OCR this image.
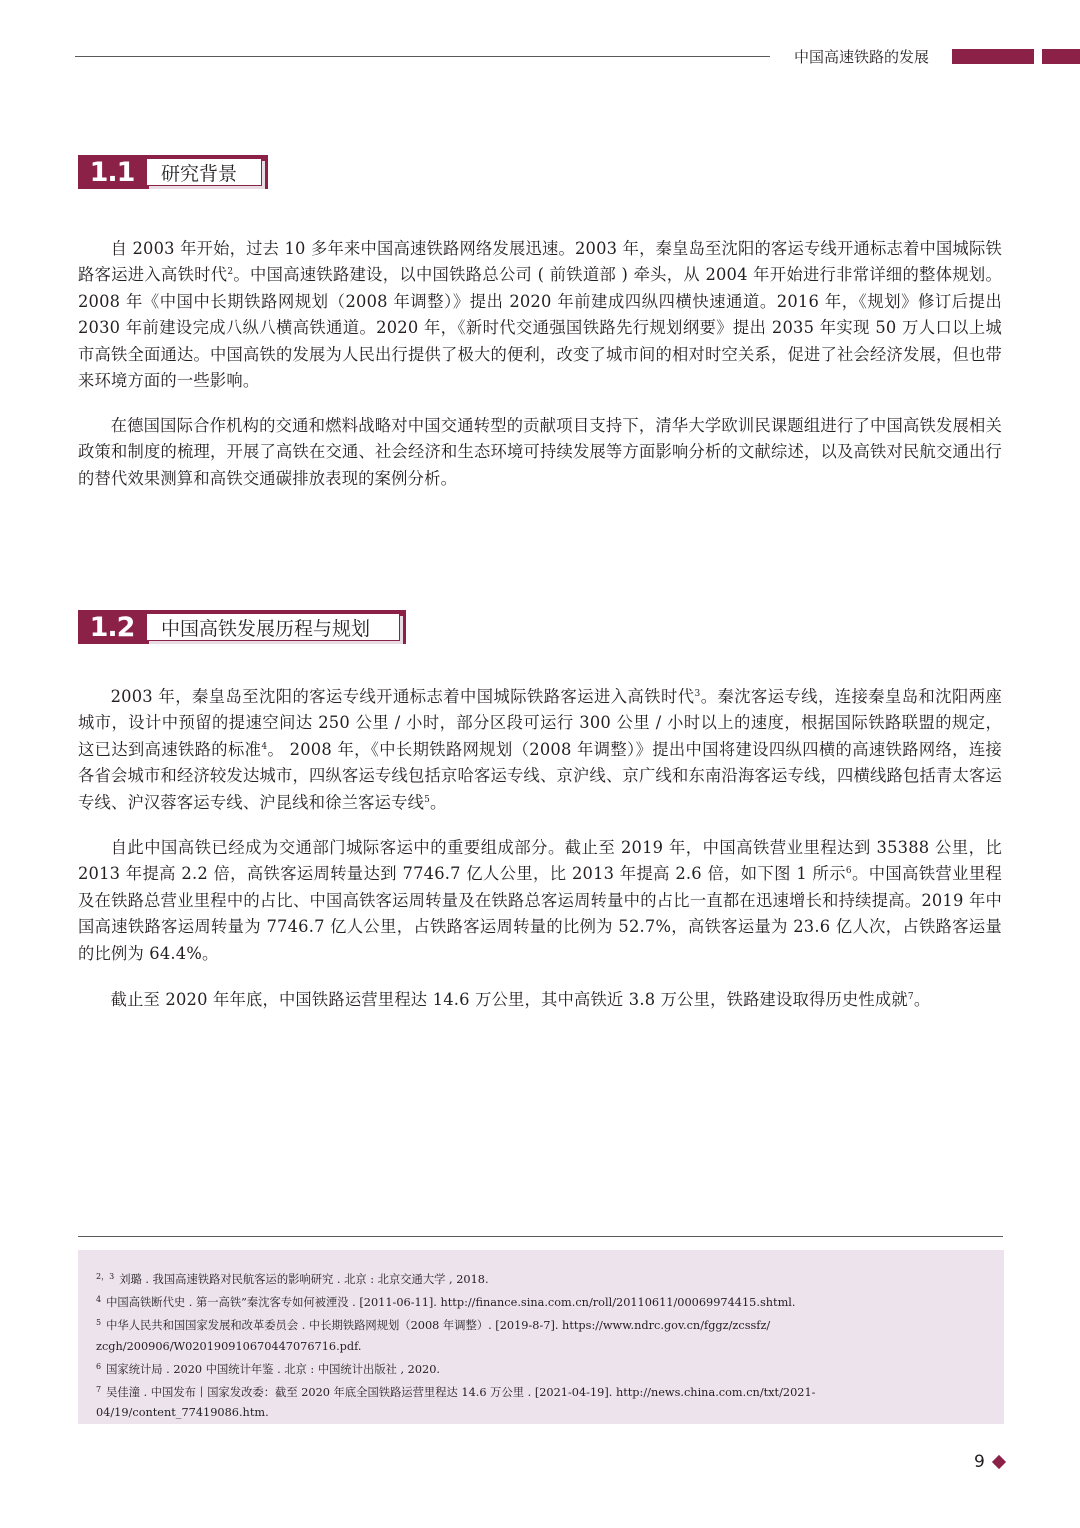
中国高速铁路的发展
1.1	研究背景

自 2003 年开始，过去 10 多年来中国高速铁路网络发展迅速。2003 年，秦皇岛至沈阳的客运专线开通标志着中国城际铁路客运进入高铁时代$^2$。中国高速铁路建设，以中国铁路总公司 ( 前铁道部 ) 牵头，从 2004 年开始进行非常详细的整体规划。2008 年《中国中长期铁路网规划（2008 年调整）》提出 2020 年前建成四纵四横快速通道。2016 年，《规划》修订后提出 2030 年前建设完成八纵八横高铁通道。2020 年，《新时代交通强国铁路先行规划纲要》提出 2035 年实现 50 万人口以上城市高铁全面通达。中国高铁的发展为人民出行提供了极大的便利，改变了城市间的相对时空关系，促进了社会经济发展，但也带来环境方面的一些影响。

在德国国际合作机构的交通和燃料战略对中国交通转型的贡献项目支持下，清华大学欧训民课题组进行了中国高铁发展相关政策和制度的梳理，开展了高铁在交通、社会经济和生态环境可持续发展等方面影响分析的文献综述，以及高铁对民航交通出行的替代效果测算和高铁交通碳排放表现的案例分析。

1.2	中国高铁发展历程与规划

2003 年，秦皇岛至沈阳的客运专线开通标志着中国城际铁路客运进入高铁时代$^3$。秦沈客运专线，连接秦皇岛和沈阳两座城市，设计中预留的提速空间达 250 公里 / 小时，部分区段可运行 300 公里 / 小时以上的速度，根据国际铁路联盟的规定，这已达到高速铁路的标准$^4$。 2008 年，《中长期铁路网规划（2008 年调整）》提出中国将建设四纵四横的高速铁路网络，连接各省会城市和经济较发达城市，四纵客运专线包括京哈客运专线、京沪线、京广线和东南沿海客运专线，四横线路包括青太客运专线、沪汉蓉客运专线、沪昆线和徐兰客运专线$^5$。

自此中国高铁已经成为交通部门城际客运中的重要组成部分。截止至 2019 年，中国高铁营业里程达到 35388 公里，比 2013 年提高 2.2 倍，高铁客运周转量达到 7746.7 亿人公里，比 2013 年提高 2.6 倍，如下图 1 所示$^6$。中国高铁营业里程及在铁路总营业里程中的占比、中国高铁客运周转量及在铁路总客运周转量中的占比一直都在迅速增长和持续提高。2019 年中国高速铁路客运周转量为 7746.7 亿人公里，占铁路客运周转量的比例为 52.7%，高铁客运量为 23.6 亿人次，占铁路客运量的比例为 64.4%。

截止至 2020 年年底，中国铁路运营里程达 14.6 万公里，其中高铁近 3.8 万公里，铁路建设取得历史性成就$^7$。

$^{2,3}$ 刘璐 . 我国高速铁路对民航客运的影响研究 . 北京 : 北京交通大学 , 2018.
$^4$ 中国高铁断代史 . 第一高铁”秦沈客专如何被湮没 . [2011-06-11]. http://finance.sina.com.cn/roll/20110611/00069974415.shtml.
$^5$ 中华人民共和国国家发展和改革委员会 . 中长期铁路网规划（2008 年调整）. [2019-8-7]. https://www.ndrc.gov.cn/fggz/zcssfz/
zcgh/200906/W020190910670447076716.pdf.
$^6$ 国家统计局 . 2020 中国统计年鉴 . 北京 : 中国统计出版社 , 2020.
$^7$ 吴佳潼 . 中国发布丨国家发改委：截至 2020 年底全国铁路运营里程达 14.6 万公里 . [2021-04-19]. http://news.china.com.cn/txt/2021-
04/19/content_77419086.htm.
9
